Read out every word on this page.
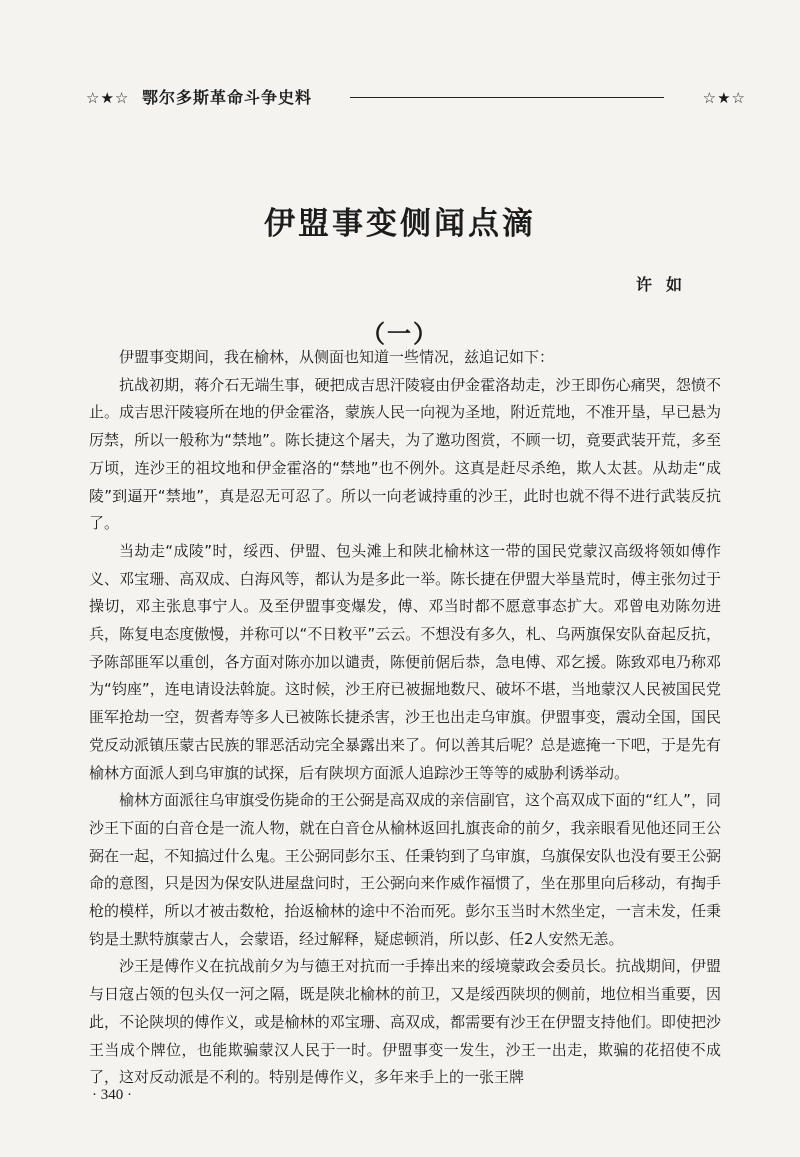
☆★☆ 鄂尔多斯革命斗争史料	☆★☆
伊盟事变侧闻点滴
许如
（一）

伊盟事变期间，我在榆林，从侧面也知道一些情况，兹追记如下：

抗战初期，蒋介石无端生事，硬把成吉思汗陵寝由伊金霍洛劫走，沙王即伤心痛哭，怨愤不止。成吉思汗陵寝所在地的伊金霍洛，蒙族人民一向视为圣地，附近荒地，不准开垦，早已悬为厉禁，所以一般称为“禁地”。陈长捷这个屠夫，为了邀功图赏，不顾一切，竟要武装开荒，多至万顷，连沙王的祖坟地和伊金霍洛的“禁地”也不例外。这真是赶尽杀绝，欺人太甚。从劫走“成陵”到逼开“禁地”，真是忍无可忍了。所以一向老诚持重的沙王，此时也就不得不进行武装反抗了。

当劫走“成陵”时，绥西、伊盟、包头滩上和陕北榆林这一带的国民党蒙汉高级将领如傅作义、邓宝珊、高双成、白海风等，都认为是多此一举。陈长捷在伊盟大举垦荒时，傅主张勿过于操切，邓主张息事宁人。及至伊盟事变爆发，傅、邓当时都不愿意事态扩大。邓曾电劝陈勿进兵，陈复电态度傲慢，并称可以“不日敉平”云云。不想没有多久，札、乌两旗保安队奋起反抗，予陈部匪军以重创，各方面对陈亦加以谴责，陈便前倨后恭，急电傅、邓乞援。陈致邓电乃称邓为“钧座”，连电请设法斡旋。这时候，沙王府已被掘地数尺、破坏不堪，当地蒙汉人民被国民党匪军抢劫一空，贺耆寿等多人已被陈长捷杀害，沙王也出走乌审旗。伊盟事变，震动全国，国民党反动派镇压蒙古民族的罪恶活动完全暴露出来了。何以善其后呢？总是遮掩一下吧，于是先有榆林方面派人到乌审旗的试探，后有陕坝方面派人追踪沙王等等的威胁利诱举动。

榆林方面派往乌审旗受伤毙命的王公弼是高双成的亲信副官，这个高双成下面的“红人”，同沙王下面的白音仓是一流人物，就在白音仓从榆林返回扎旗丧命的前夕，我亲眼看见他还同王公弼在一起，不知搞过什么鬼。王公弼同彭尔玉、任秉钧到了乌审旗，乌旗保安队也没有要王公弼命的意图，只是因为保安队进屋盘问时，王公弼向来作威作福惯了，坐在那里向后移动，有掏手枪的模样，所以才被击数枪，抬返榆林的途中不治而死。彭尔玉当时木然坐定，一言未发，任秉钧是土默特旗蒙古人，会蒙语，经过解释，疑虑顿消，所以彭、任2人安然无恙。

沙王是傅作义在抗战前夕为与德王对抗而一手捧出来的绥境蒙政会委员长。抗战期间，伊盟与日寇占领的包头仅一河之隔，既是陕北榆林的前卫，又是绥西陕坝的侧前，地位相当重要，因此，不论陕坝的傅作义，或是榆林的邓宝珊、高双成，都需要有沙王在伊盟支持他们。即使把沙王当成个牌位，也能欺骗蒙汉人民于一时。伊盟事变一发生，沙王一出走，欺骗的花招使不成了，这对反动派是不利的。特别是傅作义，多年来手上的一张王牌

· 340 ·
